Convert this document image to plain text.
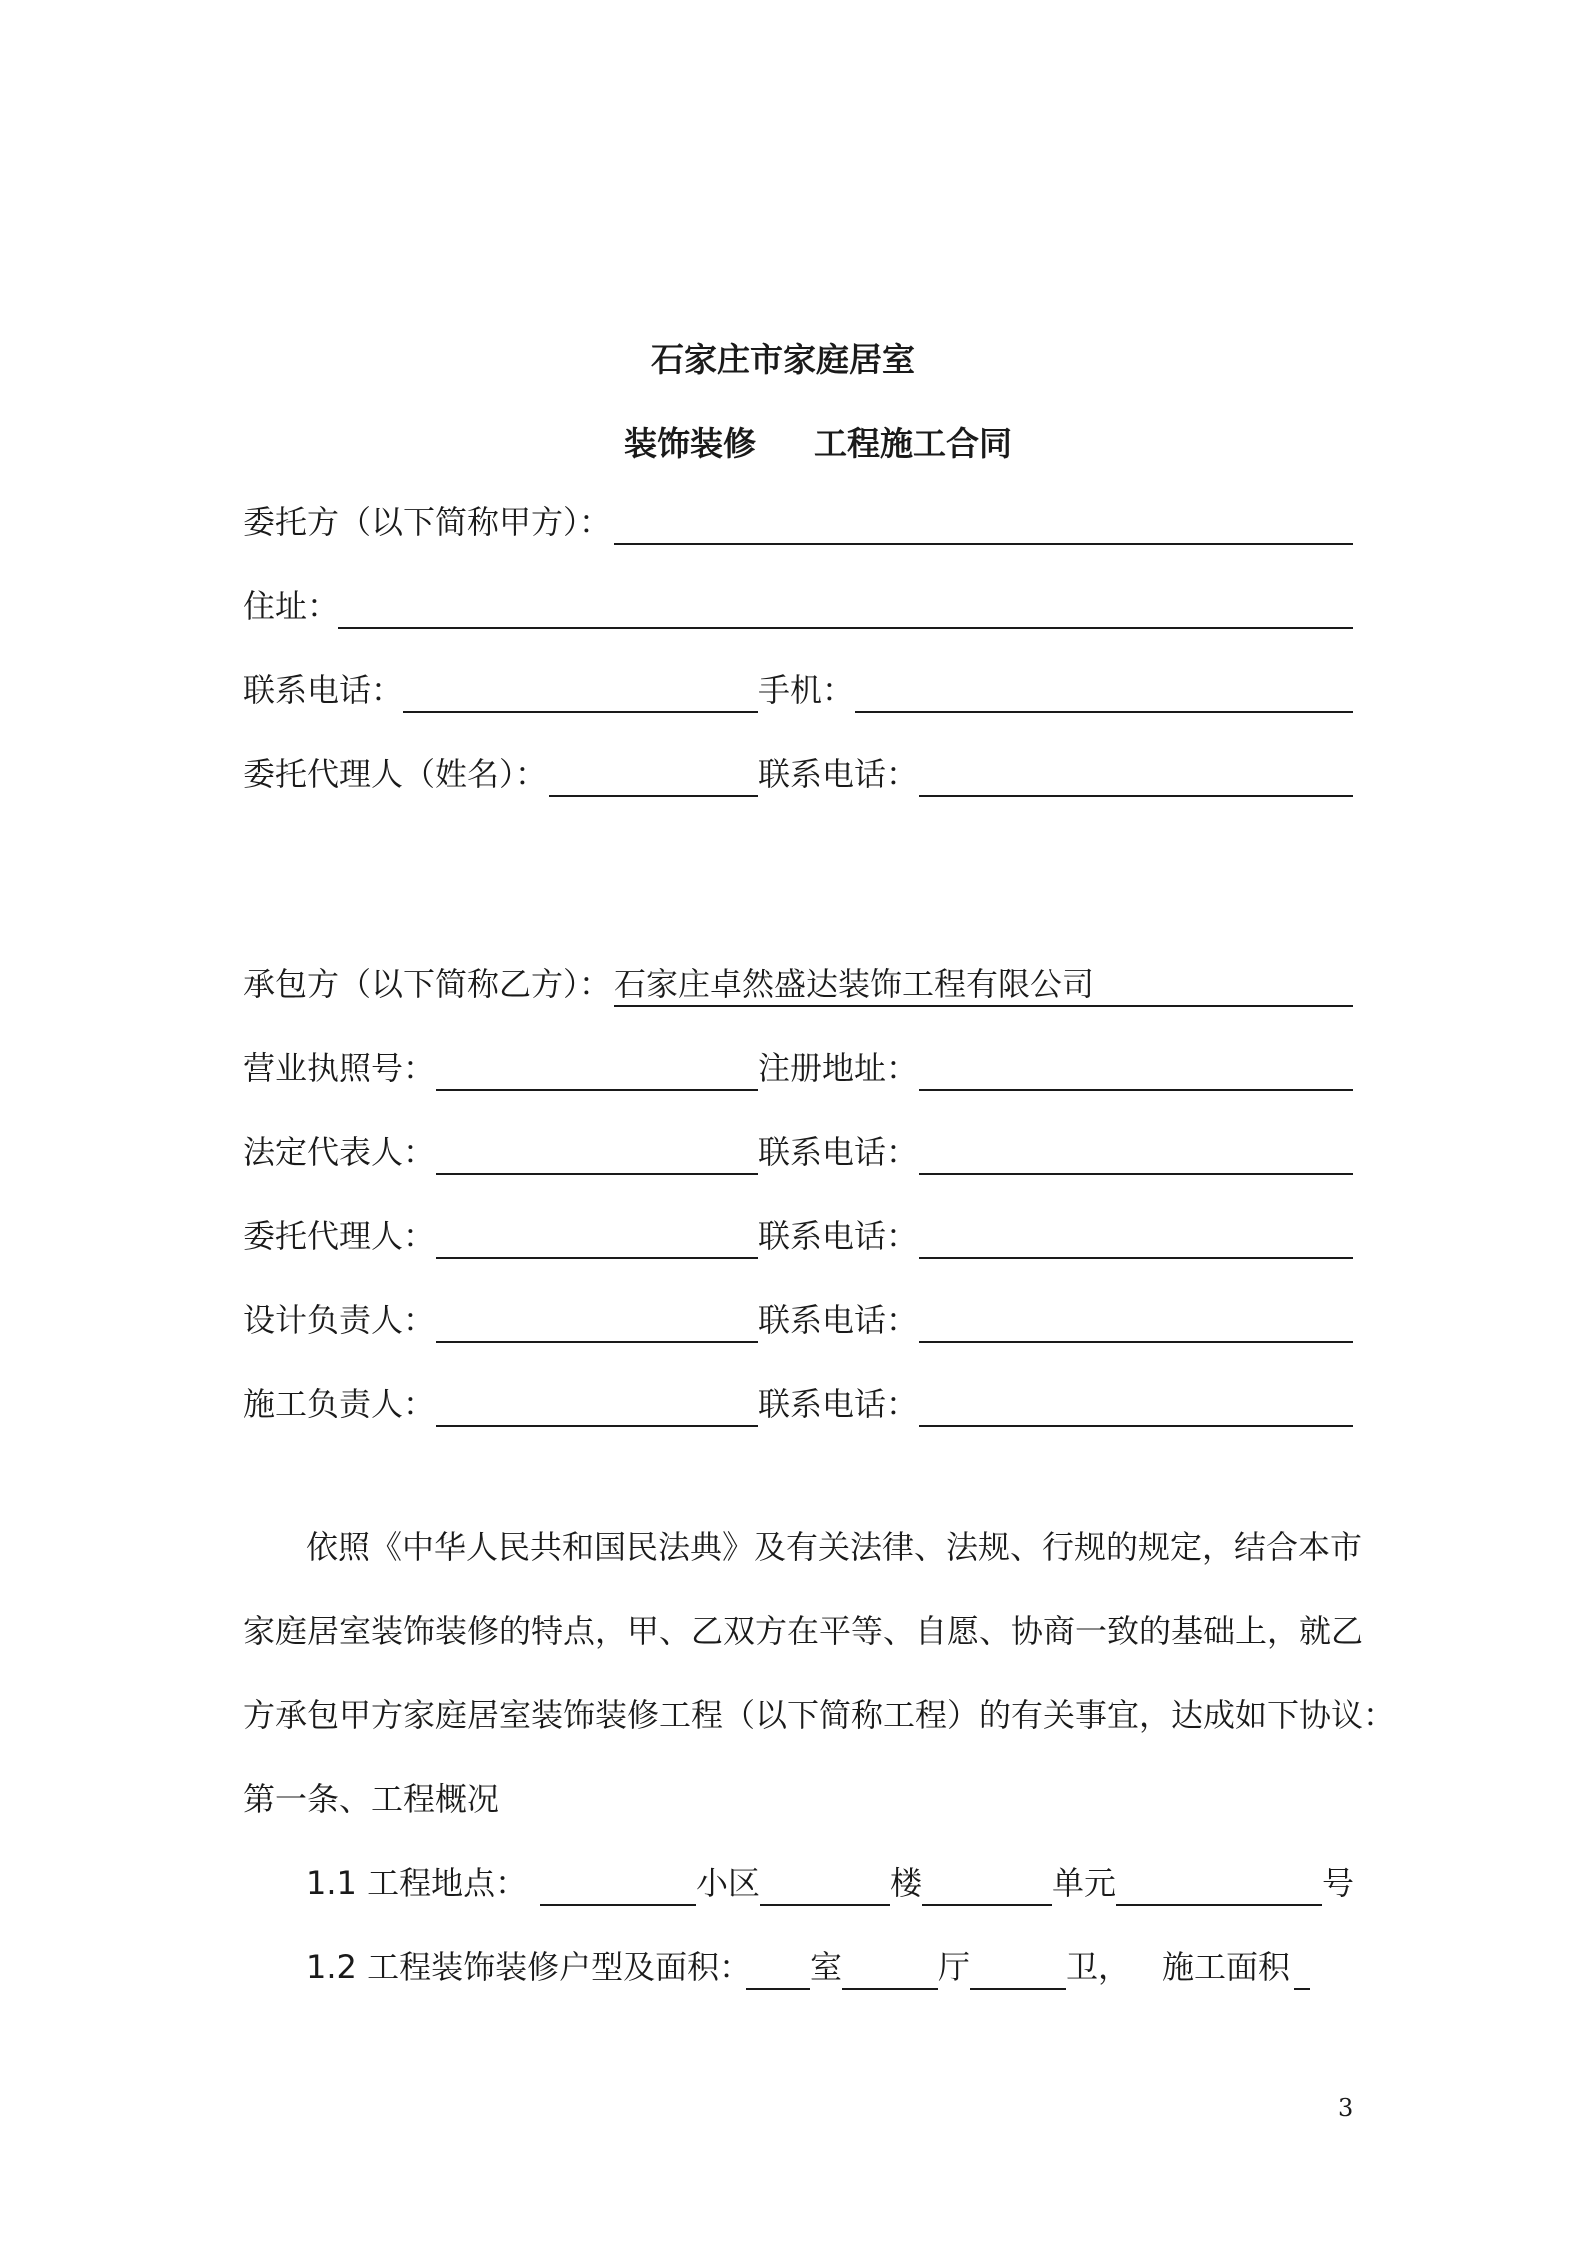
石家庄市家庭居室
装饰装修 工程施工合同
委托方（以下简称甲方）：
住址：
联系电话：	手机：
委托代理人（姓名）：	联系电话：
承包方（以下简称乙方）： 石家庄卓然盛达装饰工程有限公司
营业执照号：	注册地址：
法定代表人：	联系电话：
委托代理人：	联系电话：
设计负责人：	联系电话：
施工负责人：	联系电话：
依照《中华人民共和国民法典》及有关法律、法规、行规的规定，结合本市
家庭居室装饰装修的特点，甲、乙双方在平等、自愿、协商一致的基础上，就乙
方承包甲方家庭居室装饰装修工程（以下简称工程）的有关事宜，达成如下协议：
第一条、工程概况
1.1 工程地点：	小区	楼	单元	号
1.2 工程装饰装修户型及面积： 室	厅	卫， 施工面积
3
